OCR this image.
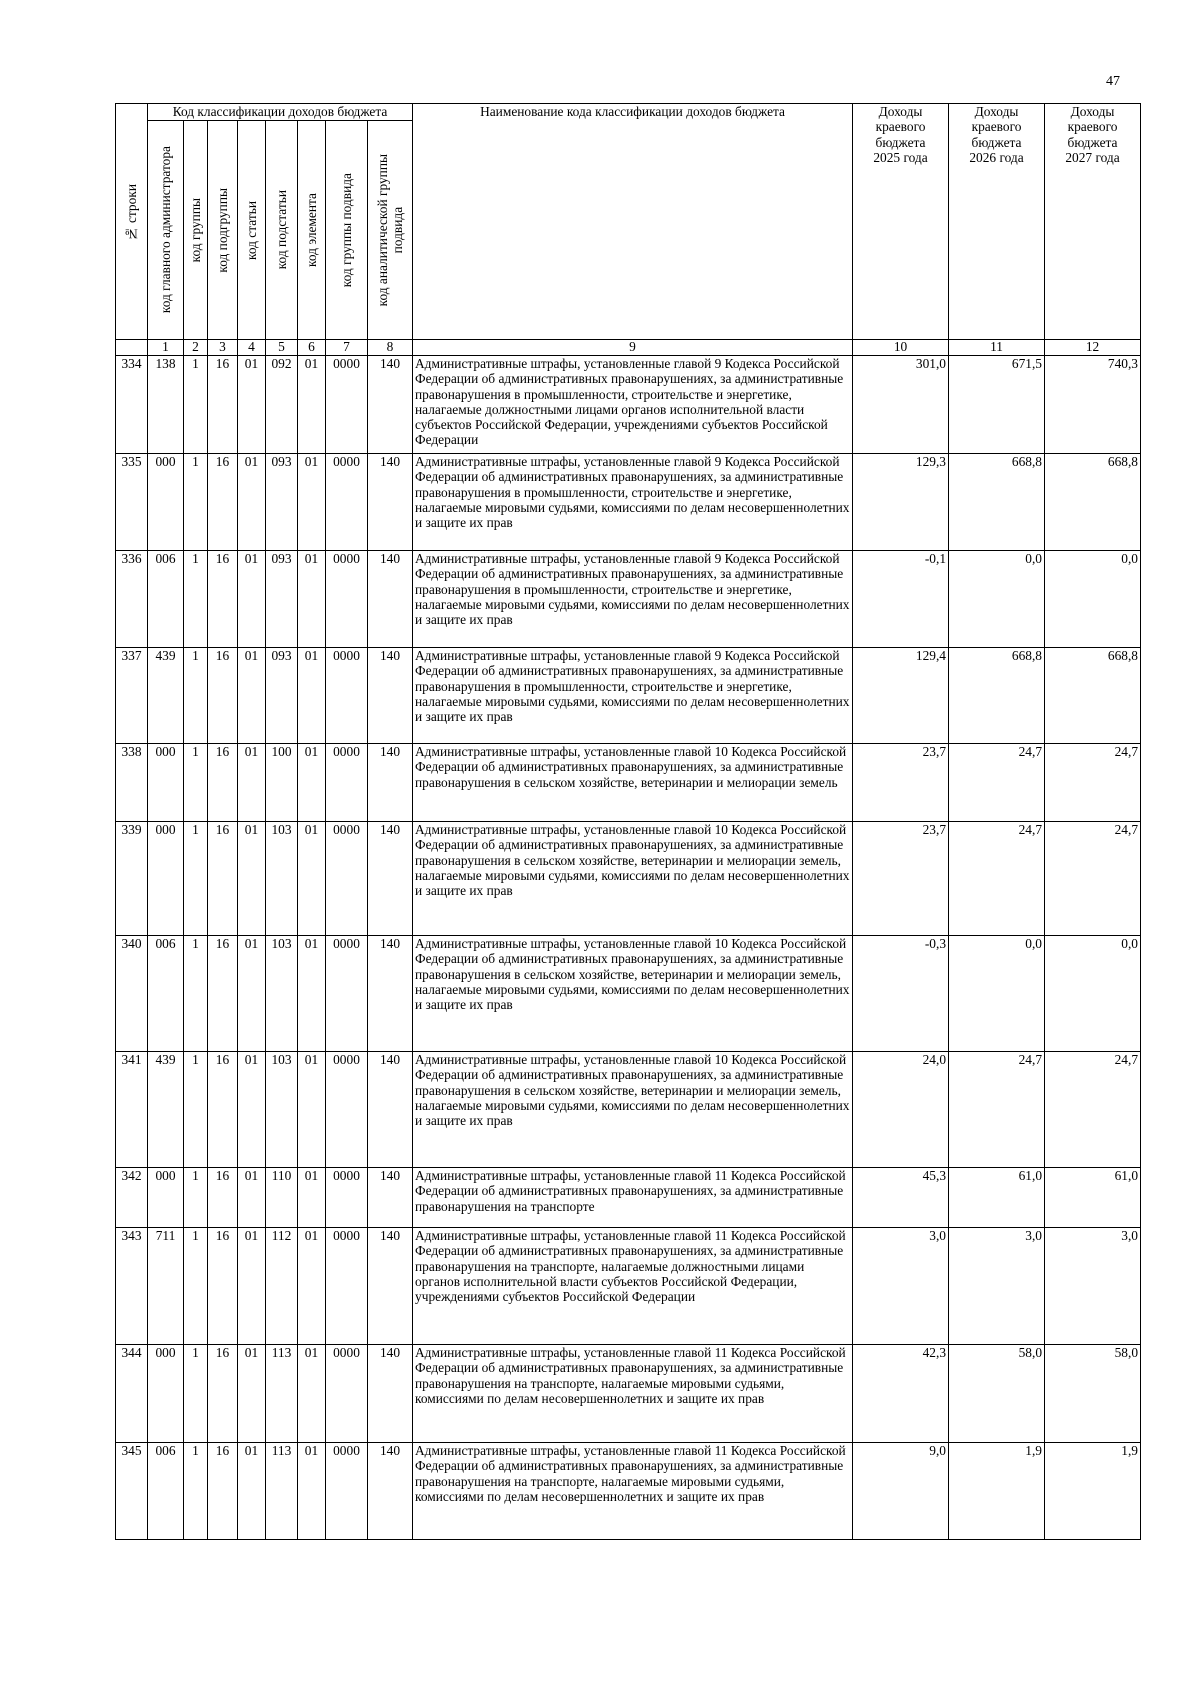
47
№ строки	Код классификации доходов бюджета								Наименование кода классификации доходов бюджета	Доходы
краевого
бюджета
2025 года	Доходы
краевого
бюджета
2026 года	Доходы
краевого
бюджета
2027 года

	код главного администратора	код группы	код подгруппы	код статьи	код подстатьи	код элемента	код группы подвида	код аналитической группы
подвида				

	1	2	3	4	5	6	7	8	9	10	11	12
334	138	1	16	01	092	01	0000	140	Административные штрафы, установленные главой 9 Кодекса Российской Федерации об административных правонарушениях, за административные правонарушения в промышленности, строительстве и энергетике, налагаемые должностными лицами органов исполнительной власти субъектов Российской Федерации, учреждениями субъектов Российской Федерации	301,0	671,5	740,3
335	000	1	16	01	093	01	0000	140	Административные штрафы, установленные главой 9 Кодекса Российской Федерации об административных правонарушениях, за административные правонарушения в промышленности, строительстве и энергетике, налагаемые мировыми судьями, комиссиями по делам несовершеннолетних и защите их прав	129,3	668,8	668,8
336	006	1	16	01	093	01	0000	140	Административные штрафы, установленные главой 9 Кодекса Российской Федерации об административных правонарушениях, за административные правонарушения в промышленности, строительстве и энергетике, налагаемые мировыми судьями, комиссиями по делам несовершеннолетних и защите их прав	-0,1	0,0	0,0
337	439	1	16	01	093	01	0000	140	Административные штрафы, установленные главой 9 Кодекса Российской Федерации об административных правонарушениях, за административные правонарушения в промышленности, строительстве и энергетике, налагаемые мировыми судьями, комиссиями по делам несовершеннолетних и защите их прав	129,4	668,8	668,8
338	000	1	16	01	100	01	0000	140	Административные штрафы, установленные главой 10 Кодекса Российской Федерации об административных правонарушениях, за административные правонарушения в сельском хозяйстве, ветеринарии и мелиорации земель	23,7	24,7	24,7
339	000	1	16	01	103	01	0000	140	Административные штрафы, установленные главой 10 Кодекса Российской Федерации об административных правонарушениях, за административные правонарушения в сельском хозяйстве, ветеринарии и мелиорации земель, налагаемые мировыми судьями, комиссиями по делам несовершеннолетних и защите их прав	23,7	24,7	24,7
340	006	1	16	01	103	01	0000	140	Административные штрафы, установленные главой 10 Кодекса Российской Федерации об административных правонарушениях, за административные правонарушения в сельском хозяйстве, ветеринарии и мелиорации земель, налагаемые мировыми судьями, комиссиями по делам несовершеннолетних и защите их прав	-0,3	0,0	0,0
341	439	1	16	01	103	01	0000	140	Административные штрафы, установленные главой 10 Кодекса Российской Федерации об административных правонарушениях, за административные правонарушения в сельском хозяйстве, ветеринарии и мелиорации земель, налагаемые мировыми судьями, комиссиями по делам несовершеннолетних и защите их прав	24,0	24,7	24,7
342	000	1	16	01	110	01	0000	140	Административные штрафы, установленные главой 11 Кодекса Российской Федерации об административных правонарушениях, за административные правонарушения на транспорте	45,3	61,0	61,0
343	711	1	16	01	112	01	0000	140	Административные штрафы, установленные главой 11 Кодекса Российской Федерации об административных правонарушениях, за административные правонарушения на транспорте, налагаемые должностными лицами органов исполнительной власти субъектов Российской Федерации, учреждениями субъектов Российской Федерации	3,0	3,0	3,0
344	000	1	16	01	113	01	0000	140	Административные штрафы, установленные главой 11 Кодекса Российской Федерации об административных правонарушениях, за административные правонарушения на транспорте, налагаемые мировыми судьями, комиссиями по делам несовершеннолетних и защите их прав	42,3	58,0	58,0
345	006	1	16	01	113	01	0000	140	Административные штрафы, установленные главой 11 Кодекса Российской Федерации об административных правонарушениях, за административные правонарушения на транспорте, налагаемые мировыми судьями, комиссиями по делам несовершеннолетних и защите их прав	9,0	1,9	1,9
